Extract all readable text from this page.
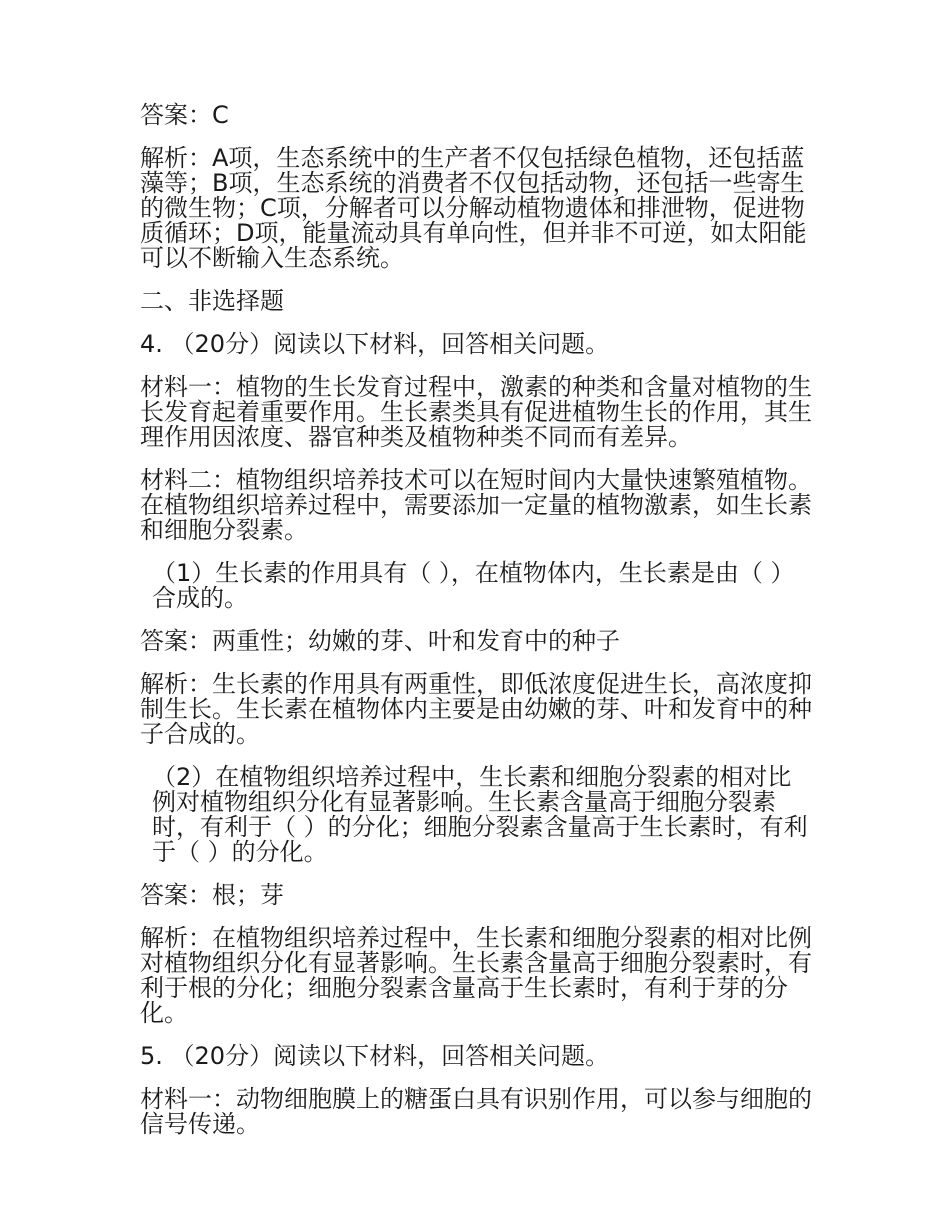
答案：C

解析：A项，生态系统中的生产者不仅包括绿色植物，还包括蓝藻等；B项，生态系统的消费者不仅包括动物，还包括一些寄生的微生物；C项，分解者可以分解动植物遗体和排泄物，促进物质循环；D项，能量流动具有单向性，但并非不可逆，如太阳能可以不断输入生态系统。

二、非选择题

4. （20分）阅读以下材料，回答相关问题。

材料一：植物的生长发育过程中，激素的种类和含量对植物的生长发育起着重要作用。生长素类具有促进植物生长的作用，其生理作用因浓度、器官种类及植物种类不同而有差异。

材料二：植物组织培养技术可以在短时间内大量快速繁殖植物。在植物组织培养过程中，需要添加一定量的植物激素，如生长素和细胞分裂素。

（1）生长素的作用具有（ ），在植物体内，生长素是由（ ）合成的。

答案：两重性；幼嫩的芽、叶和发育中的种子

解析：生长素的作用具有两重性，即低浓度促进生长，高浓度抑制生长。生长素在植物体内主要是由幼嫩的芽、叶和发育中的种子合成的。

（2）在植物组织培养过程中，生长素和细胞分裂素的相对比例对植物组织分化有显著影响。生长素含量高于细胞分裂素时，有利于（ ）的分化；细胞分裂素含量高于生长素时，有利于（ ）的分化。

答案：根；芽

解析：在植物组织培养过程中，生长素和细胞分裂素的相对比例对植物组织分化有显著影响。生长素含量高于细胞分裂素时，有利于根的分化；细胞分裂素含量高于生长素时，有利于芽的分化。

5. （20分）阅读以下材料，回答相关问题。

材料一：动物细胞膜上的糖蛋白具有识别作用，可以参与细胞的信号传递。
